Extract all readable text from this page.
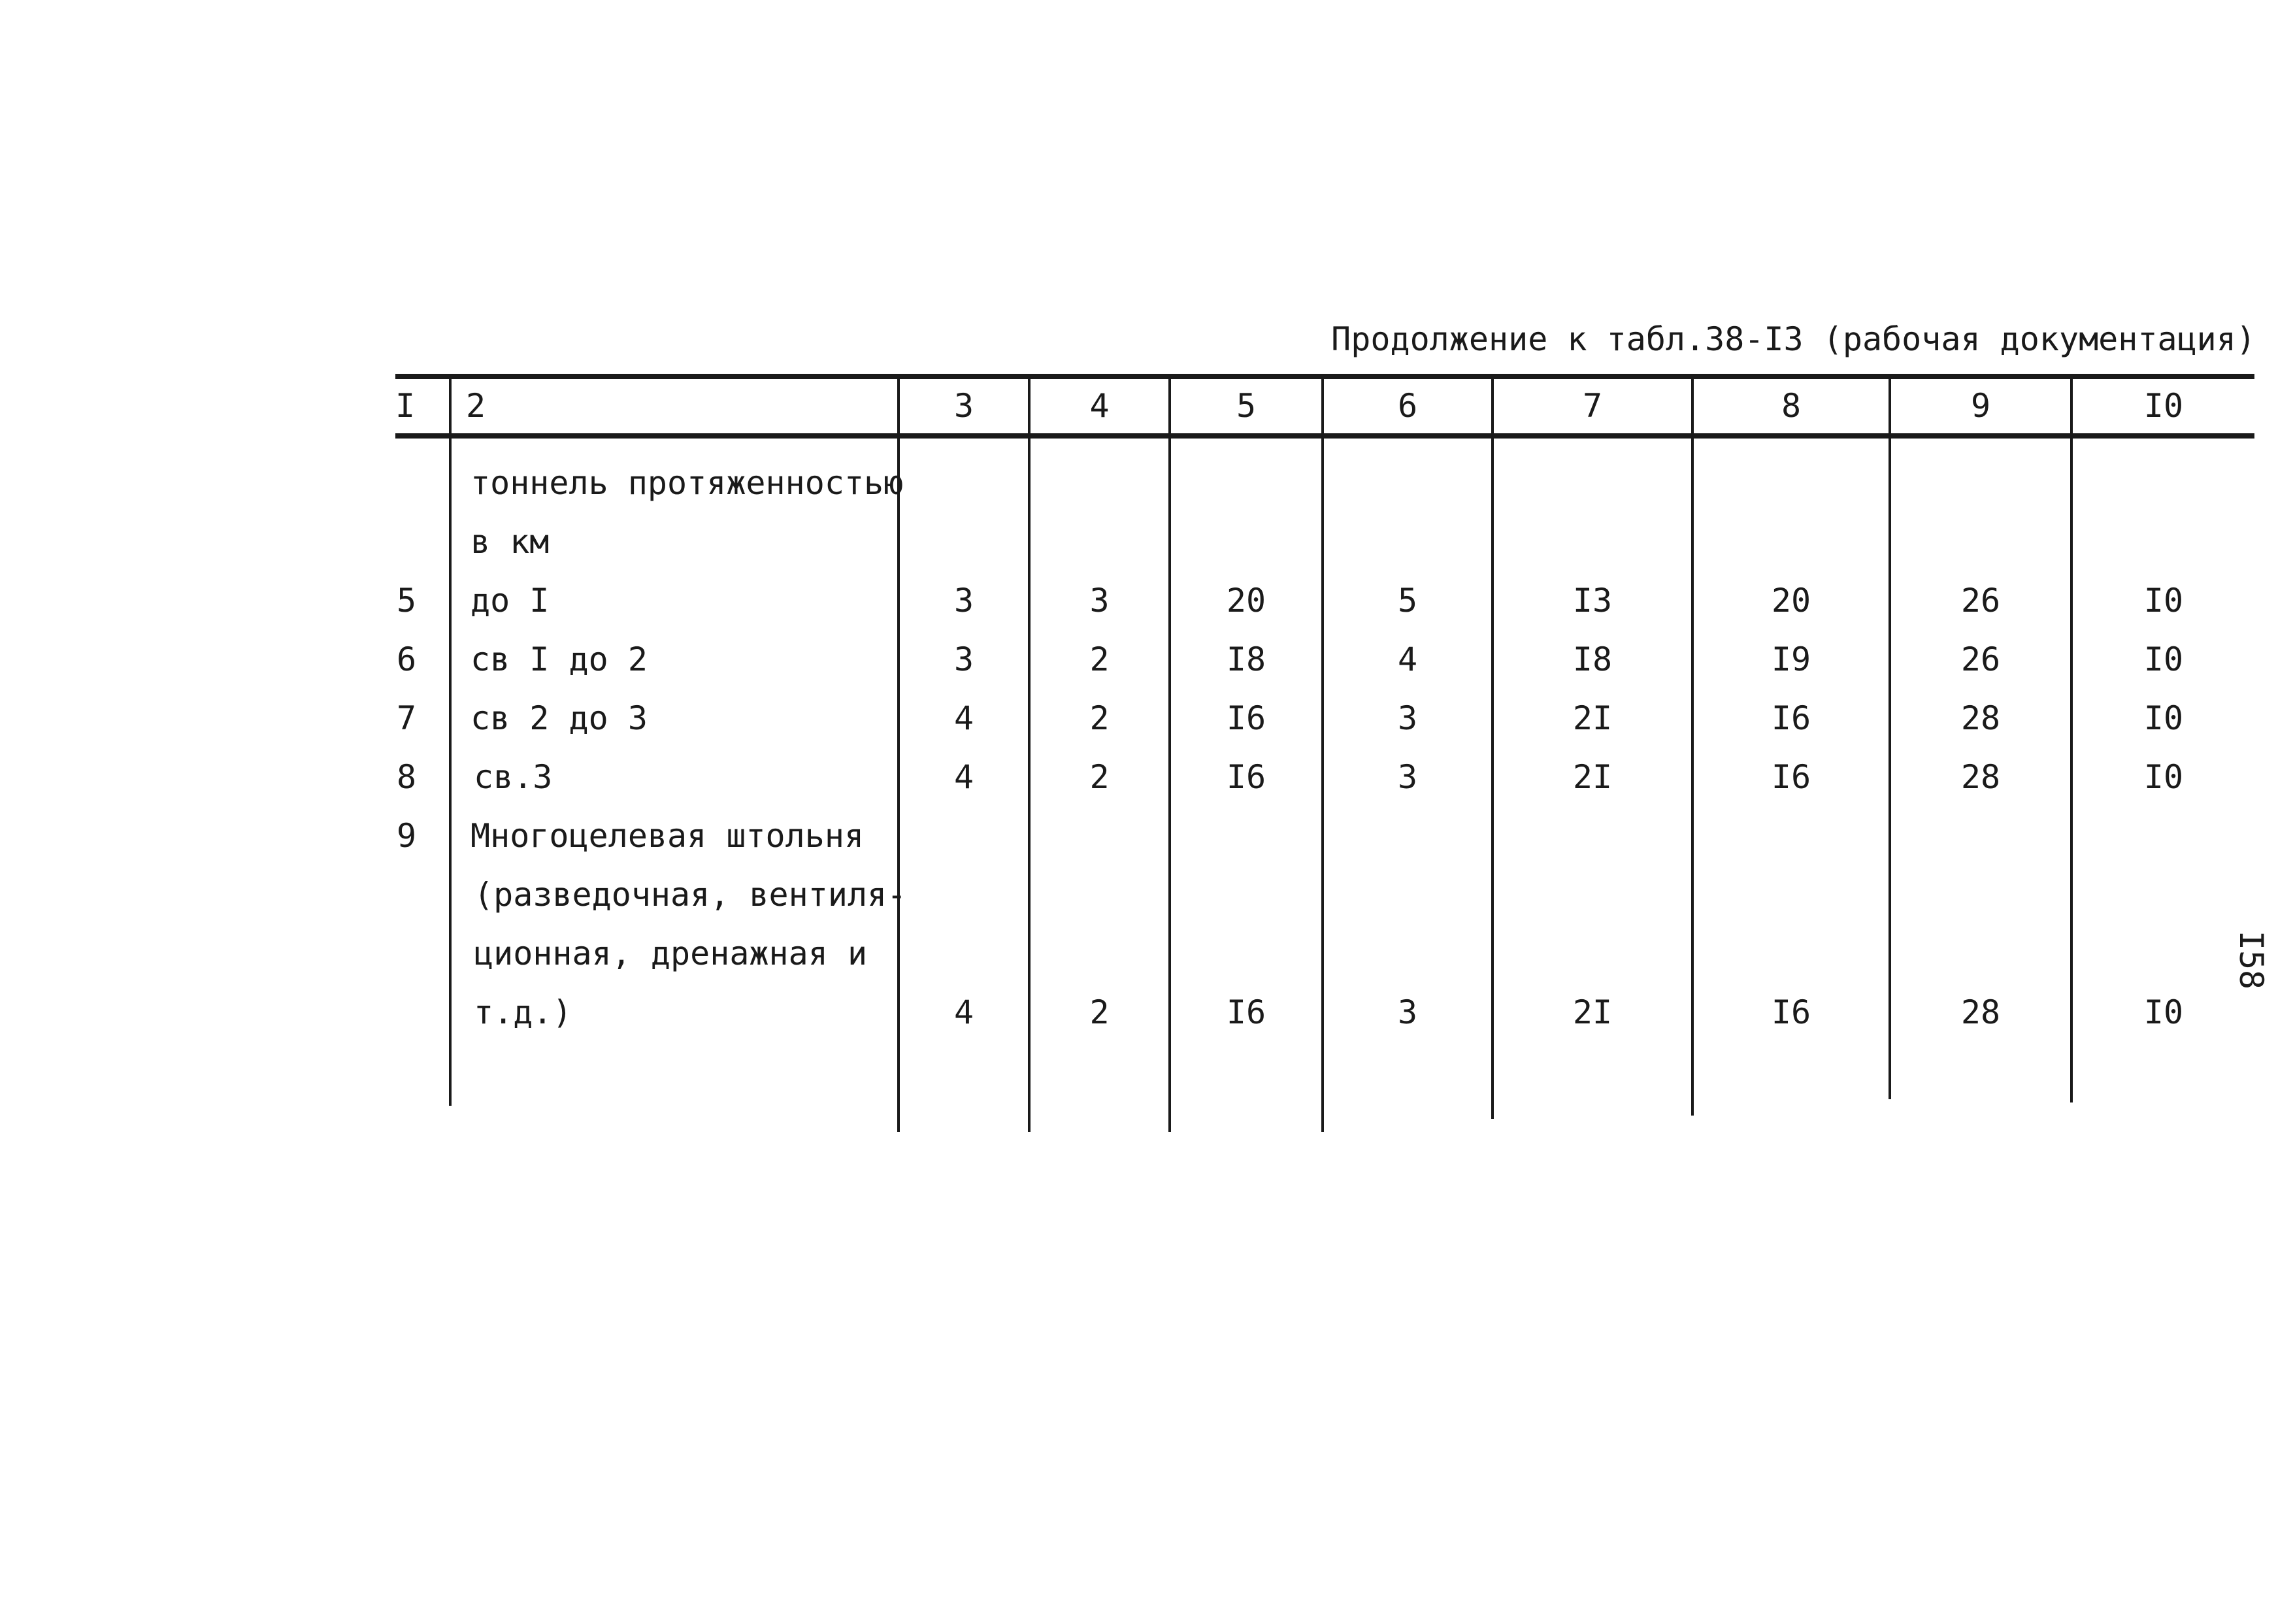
Продолжение к табл.38-I3 (рабочая документация)
I	2	3	4	5	6	7	8	9	I0
тоннель протяженностью
в км
5 до I	3	3	20	5	I3	20	26	I0
6 св I до 2	3	2	I8	4	I8	I9	26	I0
7 св 2 до 3	4	2	I6	3	2I	I6	28	I0
8 св.3	4	2	I6	3	2I	I6	28	I0
9 Многоцелевая штольня
(разведочная, вентиля-
ционная, дренажная и
т.д.)	4	2	I6	3	2I	I6	28	I0
I58
